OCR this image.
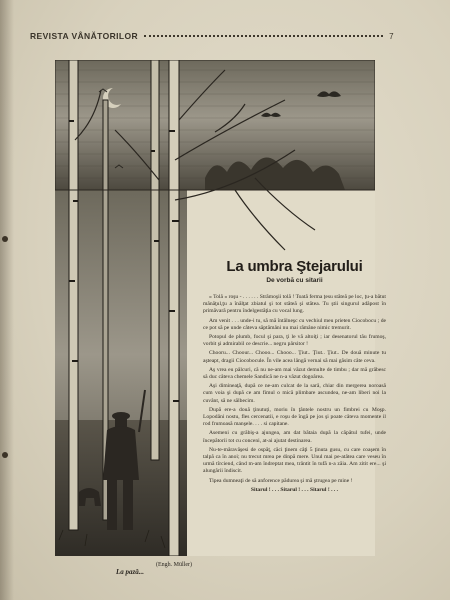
REVISTA VÂNĂTORILOR	7
(Engh. Müller)
La pază...
La umbra Ştejarului
De vorbă cu sitarii

« Tolă « roşu - . . . . . . Strămoşii tolă ! Toată ferma ţesu stăteă pe loc, ţu-a bătut mănăţul,ţu a înălţat zbiatul şi tot stăteă şi stătea. Tu ştii singurul adăpost în primăvară pentru îndelgestăţia cu vocal lung.

Am venit . . . unde-i tu, să mă întâlneşc cu vechiul meu prieten Ciocobocu ; de ce pot să pe unde câteva săptămâni nu mai rămâne nimic tremurit.

Potopul de plumb, focul şi para, ţi le vă altoiţi ; iar desenatorul tău frumoş, vorbit şi admirabil ce descrie... negru pârsitor !

Chooru... Choour... Chooo... Chooo... Ţiut.. Ţiut.. Ţiut.. De două minute tu aşteapt, dragii Ciocobocule. În vile acea lângă vernai să mai găsim câte ceva.

Aş vrea eu pâlcuri, că nu ne-am mai văzut demulte de timbu ; dar mă grăbesc să duc câteva chemele Sandică ne n-a văzut dogoârea.

Aşi dimineaţă, după ce ne-am culcat de la sarâ, chiar din mergerea noroasă cum voia şi după ce am fimul o mică plimbare ascundea, ne-am liberi noi la cuvânt, să ne sălbecim.

După ere-a două ţinutuți, moriu în ţântele nostru un fimbrei cu Moşp. Lopodâni nostu, fles cercenatii, e roşu de îngă pe jos şi poate câteva momente il rod frumoasă manşele. . . . si capitane.

Asemeni cu grăbiş-a ajungea, am dat bătaia după la căpătul tufei, unde începătorii tot cu conceni, at-ai ajutat destinarea.

Nu-te-măravăşesi de ospăţ, căci ţinem câţi 5 ţinuta gusu, cu care coaşem în talpă ca în anoi; nu trecut mrea pe dinpă mere. Unul mai pe-atâtea care veseu în urmă tîrciend, când m-am îndreptat mea, trântit în tufă n-a zăia. Am zitit ere... şi alungării îndiscit.

Tipea dumneaţi de să anforence pădurea şi mă ştrugea pe mine !

Sitarul ! . . . Sitarul ! . . . Sitarul ! . . .
